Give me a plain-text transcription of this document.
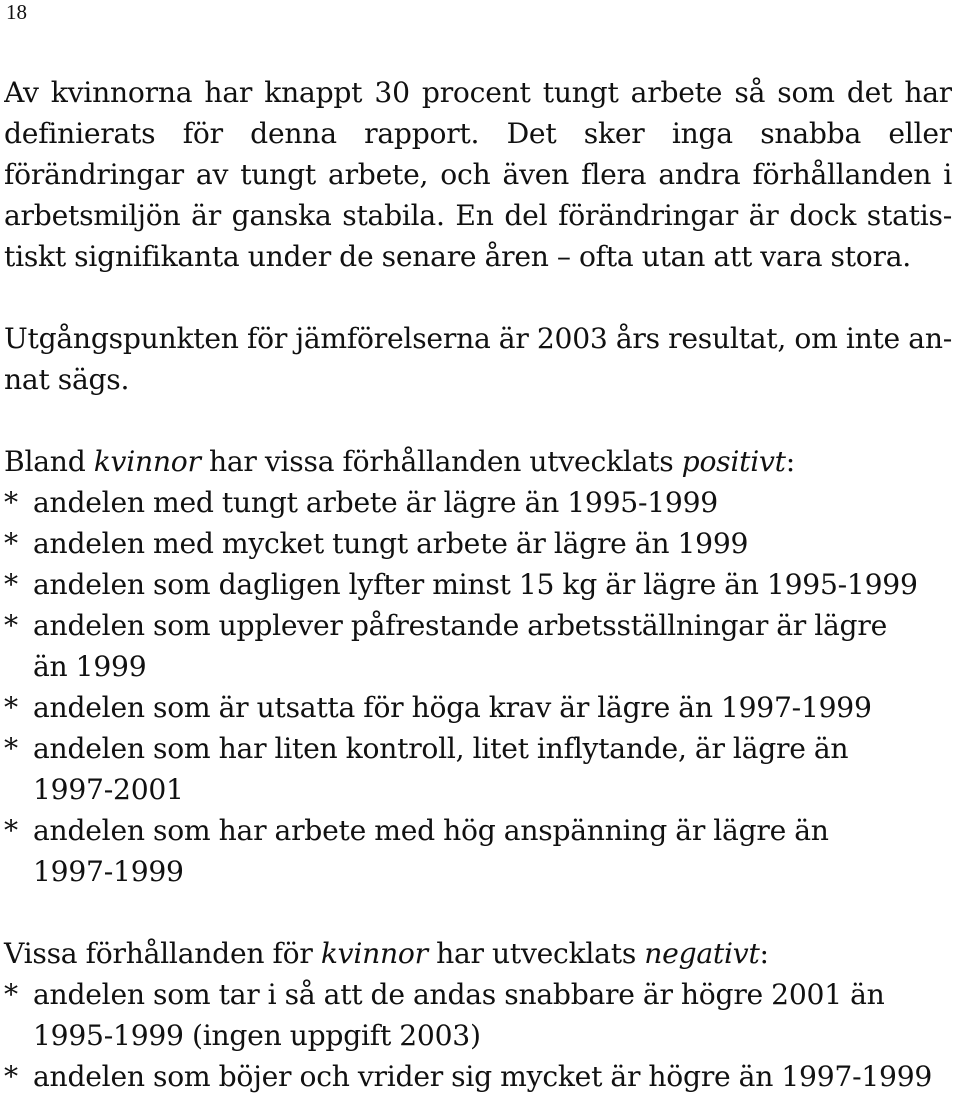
18
Av kvinnorna har knappt 30 procent tungt arbete så som det har
definierats för denna rapport. Det sker inga snabba eller
förändringar av tungt arbete, och även flera andra förhållanden i
arbetsmiljön är ganska stabila. En del förändringar är dock statis-
tiskt signifikanta under de senare åren – ofta utan att vara stora.
Utgångspunkten för jämförelserna är 2003 års resultat, om inte an-
nat sägs.
Bland kvinnor har vissa förhållanden utvecklats positivt:
* andelen med tungt arbete är lägre än 1995-1999
* andelen med mycket tungt arbete är lägre än 1999
* andelen som dagligen lyfter minst 15 kg är lägre än 1995-1999
* andelen som upplever påfrestande arbetsställningar är lägre
än 1999
* andelen som är utsatta för höga krav är lägre än 1997-1999
* andelen som har liten kontroll, litet inflytande, är lägre än
1997-2001
* andelen som har arbete med hög anspänning är lägre än
1997-1999
Vissa förhållanden för kvinnor har utvecklats negativt:
* andelen som tar i så att de andas snabbare är högre 2001 än
1995-1999 (ingen uppgift 2003)
* andelen som böjer och vrider sig mycket är högre än 1997-1999
